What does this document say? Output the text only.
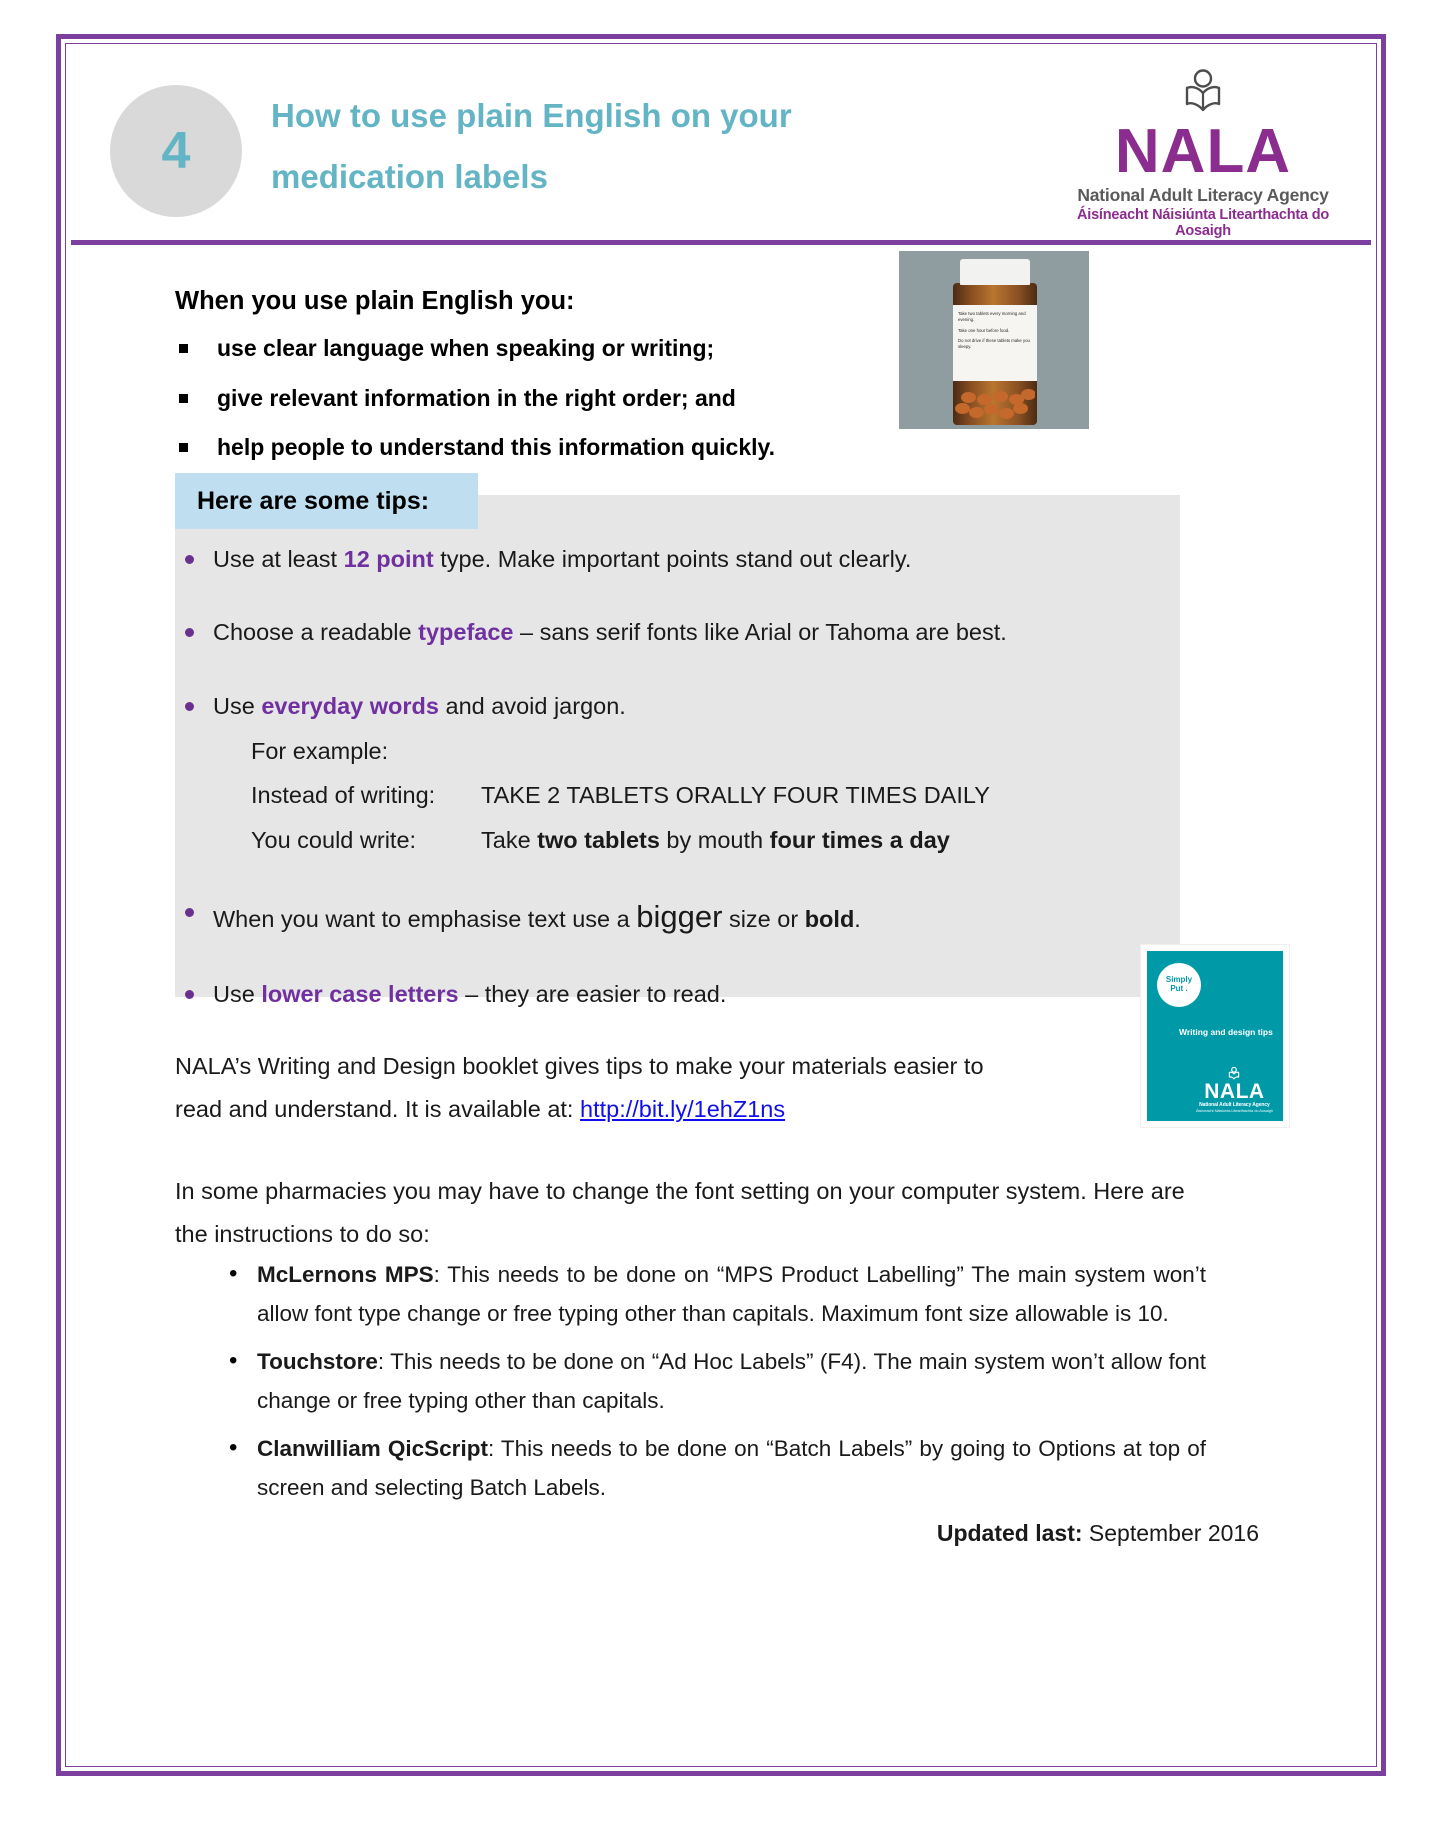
4
How to use plain English on your
medication labels	NALA
National Adult Literacy Agency
Áisíneacht Náisiúnta Litearthachta do Aosaigh
When you use plain English you:
use clear language when speaking or writing;
give relevant information in the right order; and
help people to understand this information quickly.

Take two tablets every morning and evening.

Take one hour before food.

Do not drive if these tablets make you sleepy.

Here are some tips:
Use at least 12 point type. Make important points stand out clearly.
Choose a readable typeface – sans serif fonts like Arial or Tahoma are best.
Use everyday words and avoid jargon.
For example:
Instead of writing:	TAKE 2 TABLETS ORALLY FOUR TIMES DAILY
You could write:	Take two tablets by mouth four times a day
When you want to emphasise text use a bigger size or bold.
Use lower case letters – they are easier to read.
Simply
Put .
Writing and design tips
NALA
National Adult Literacy Agency
Áisíneacht Náisiúnta Litearthachta do Aosaigh
NALA’s Writing and Design booklet gives tips to make your materials easier to read and understand. It is available at: http://bit.ly/1ehZ1ns
In some pharmacies you may have to change the font setting on your computer system. Here are the instructions to do so:
• McLernons MPS: This needs to be done on “MPS Product Labelling” The main system won’t allow font type change or free typing other than capitals. Maximum font size allowable is 10.
• Touchstore: This needs to be done on “Ad Hoc Labels” (F4). The main system won’t allow font change or free typing other than capitals.
• Clanwilliam QicScript: This needs to be done on “Batch Labels” by going to Options at top of screen and selecting Batch Labels.
Updated last: September 2016
